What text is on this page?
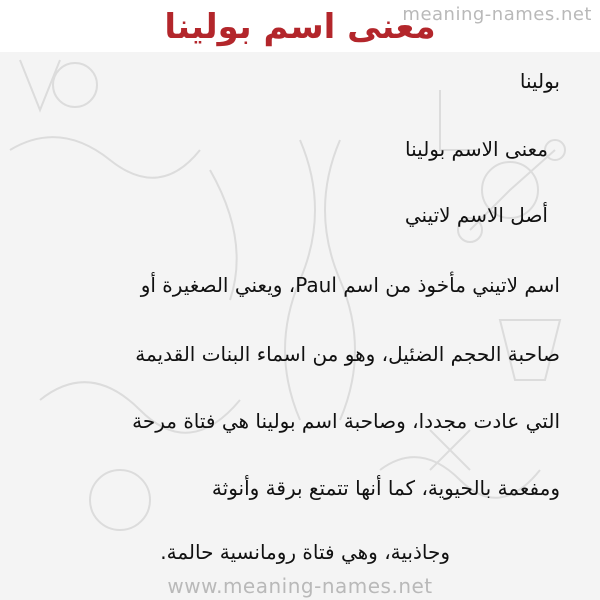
meaning-names.net
معنى اسم بولينا
بولينا
معنى الاسم بولينا
أصل الاسم لاتيني
اسم لاتيني مأخوذ من اسم Paul، ويعني الصغيرة أو
صاحبة الحجم الضئيل، وهو من اسماء البنات القديمة
التي عادت مجددا، وصاحبة اسم بولينا هي فتاة مرحة
ومفعمة بالحيوية، كما أنها تتمتع برقة وأنوثة
وجاذبية، وهي فتاة رومانسية حالمة.
www.meaning-names.net
